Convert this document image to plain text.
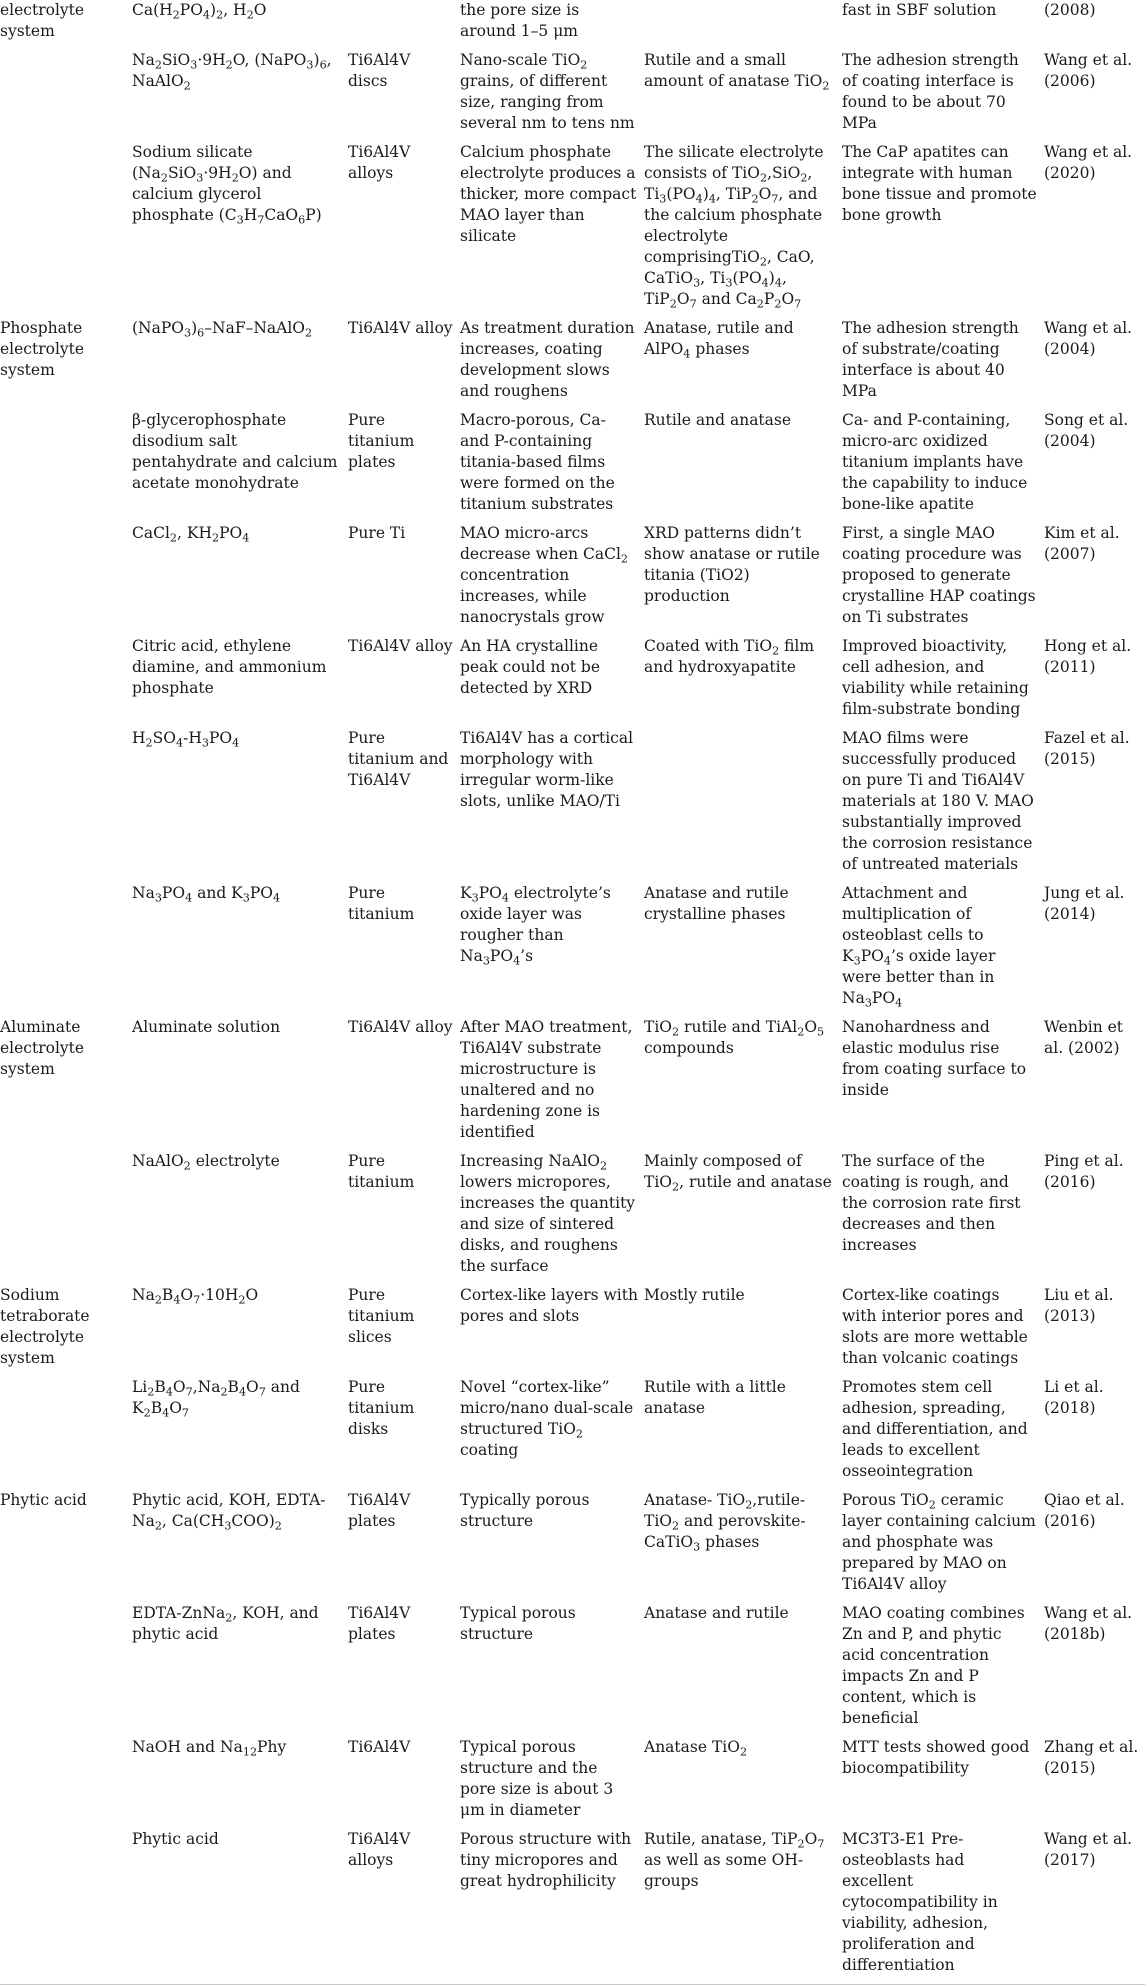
electrolyte system	$Ca(H_2PO_4)_2$, $H_2O$		the pore size is around 1–5 μm		fast in SBF solution	(2008)
	$Na_2SiO_3\cdot 9H_2O$, $(NaPO_3)_6$, NaAlO$_2$	Ti6Al4V discs	Nano-scale TiO$_2$ grains, of different size, ranging from several nm to tens nm	Rutile and a small amount of anatase TiO$_2$	The adhesion strength of coating interface is found to be about 70 MPa	Wang et al. (2006)
	Sodium silicate $(Na_2SiO_3\cdot 9H_2O)$ and calcium glycerol phosphate $(C_3H_7CaO_6P)$	Ti6Al4V alloys	Calcium phosphate electrolyte produces a thicker, more compact MAO layer than silicate	The silicate electrolyte consists of TiO$_2$,SiO$_2$, $Ti_3(PO_4)_4$, $TiP_2O_7$, and the calcium phosphate electrolyte comprisingTiO$_2$, CaO, CaTiO$_3$, $Ti_3(PO_4)_4$, $TiP_2O_7$ and $Ca_2P_2O_7$	The CaP apatites can integrate with human bone tissue and promote bone growth	Wang et al. (2020)
Phosphate electrolyte system	$(NaPO_3)_6-NaF-NaAlO_2$	Ti6Al4V alloy	As treatment duration increases, coating development slows and roughens	Anatase, rutile and AlPO$_4$ phases	The adhesion strength of substrate/coating interface is about 40 MPa	Wang et al. (2004)
	β-glycerophosphate disodium salt pentahydrate and calcium acetate monohydrate	Pure titanium plates	Macro-porous, Ca- and P-containing titania-based films were formed on the titanium substrates	Rutile and anatase	Ca- and P-containing, micro-arc oxidized titanium implants have the capability to induce bone-like apatite	Song et al. (2004)
	CaCl$_2$, $KH_2PO_4$	Pure Ti	MAO micro-arcs decrease when CaCl$_2$ concentration increases, while nanocrystals grow	XRD patterns didn’t show anatase or rutile titania (TiO2) production	First, a single MAO coating procedure was proposed to generate crystalline HAP coatings on Ti substrates	Kim et al. (2007)
	Citric acid, ethylene diamine, and ammonium phosphate	Ti6Al4V alloy	An HA crystalline peak could not be detected by XRD	Coated with TiO$_2$ film and hydroxyapatite	Improved bioactivity, cell adhesion, and viability while retaining film-substrate bonding	Hong et al. (2011)
	$H_2SO_4-H_3PO_4$	Pure titanium and Ti6Al4V	Ti6Al4V has a cortical morphology with irregular worm-like slots, unlike MAO/Ti		MAO films were successfully produced on pure Ti and Ti6Al4V materials at 180 V. MAO substantially improved the corrosion resistance of untreated materials	Fazel et al. (2015)
	$Na_3PO_4$ and $K_3PO_4$	Pure titanium	$K_3PO_4$ electrolyte’s oxide layer was rougher than $Na_3PO_4’s$	Anatase and rutile crystalline phases	Attachment and multiplication of osteoblast cells to $K_3PO_4’s$ oxide layer were better than in $Na_3PO_4$	Jung et al. (2014)
Aluminate electrolyte system	Aluminate solution	Ti6Al4V alloy	After MAO treatment, Ti6Al4V substrate microstructure is unaltered and no hardening zone is identified	TiO$_2$ rutile and $TiAl_2O_5$ compounds	Nanohardness and elastic modulus rise from coating surface to inside	Wenbin et al. (2002)
	NaAlO$_2$ electrolyte	Pure titanium	Increasing NaAlO$_2$ lowers micropores, increases the quantity and size of sintered disks, and roughens the surface	Mainly composed of TiO$_2$, rutile and anatase	The surface of the coating is rough, and the corrosion rate first decreases and then increases	Ping et al. (2016)
Sodium tetraborate electrolyte system	$Na_2B_4O_7\cdot 10H_2O$	Pure titanium slices	Cortex-like layers with pores and slots	Mostly rutile	Cortex-like coatings with interior pores and slots are more wettable than volcanic coatings	Liu et al. (2013)
	$Li_2B_4O_7,Na_2B_4O_7$ and $K_2B_4O_7$	Pure titanium disks	Novel “cortex-like” micro/nano dual-scale structured TiO$_2$ coating	Rutile with a little anatase	Promotes stem cell adhesion, spreading, and differentiation, and leads to excellent osseointegration	Li et al. (2018)
Phytic acid	Phytic acid, KOH, EDTA-$Na_2$, $Ca(CH_3COO)_2$	Ti6Al4V plates	Typically porous structure	Anatase- TiO$_2$,rutile-TiO$_2$ and perovskite-CaTiO$_3$ phases	Porous TiO$_2$ ceramic layer containing calcium and phosphate was prepared by MAO on Ti6Al4V alloy	Qiao et al. (2016)
	EDTA-ZnNa$_2$, KOH, and phytic acid	Ti6Al4V plates	Typical porous structure	Anatase and rutile	MAO coating combines Zn and P, and phytic acid concentration impacts Zn and P content, which is beneficial	Wang et al. (2018b)
	NaOH and $Na_{12}Phy$	Ti6Al4V	Typical porous structure and the pore size is about 3 μm in diameter	Anatase TiO$_2$	MTT tests showed good biocompatibility	Zhang et al. (2015)
	Phytic acid	Ti6Al4V alloys	Porous structure with tiny micropores and great hydrophilicity	Rutile, anatase, $TiP_2O_7$ as well as some OH- groups	MC3T3-E1 Pre-osteoblasts had excellent cytocompatibility in viability, adhesion, proliferation and differentiation	Wang et al. (2017)
